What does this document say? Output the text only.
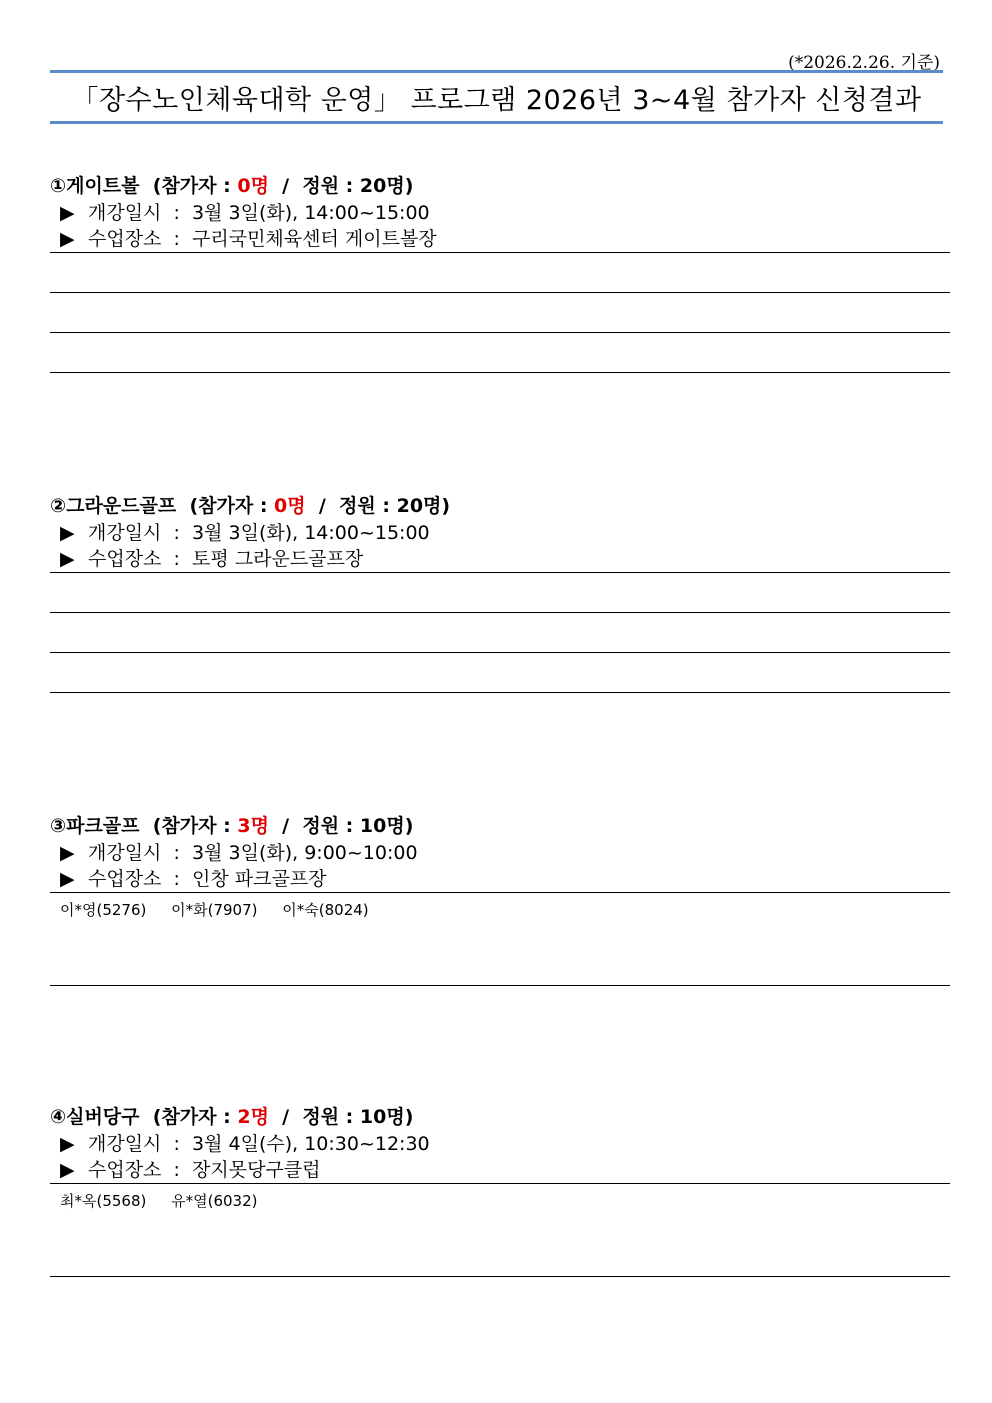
(*2026.2.26. 기준)
「장수노인체육대학 운영」 프로그램 2026년 3~4월 참가자 신청결과
①게이트볼  (참가자 : 0명 / 정원 : 20명)
▶ 개강일시 : 3월 3일(화), 14:00~15:00
▶ 수업장소 : 구리국민체육센터 게이트볼장
②그라운드골프  (참가자 : 0명 / 정원 : 20명)
▶ 개강일시 : 3월 3일(화), 14:00~15:00
▶ 수업장소 : 토평 그라운드골프장
③파크골프  (참가자 : 3명 / 정원 : 10명)
▶ 개강일시 : 3월 3일(화), 9:00~10:00
▶ 수업장소 : 인창 파크골프장
이*영(5276) 이*화(7907) 이*숙(8024)
④실버당구  (참가자 : 2명 / 정원 : 10명)
▶ 개강일시 : 3월 4일(수), 10:30~12:30
▶ 수업장소 : 장지못당구클럽
최*옥(5568) 유*열(6032)
